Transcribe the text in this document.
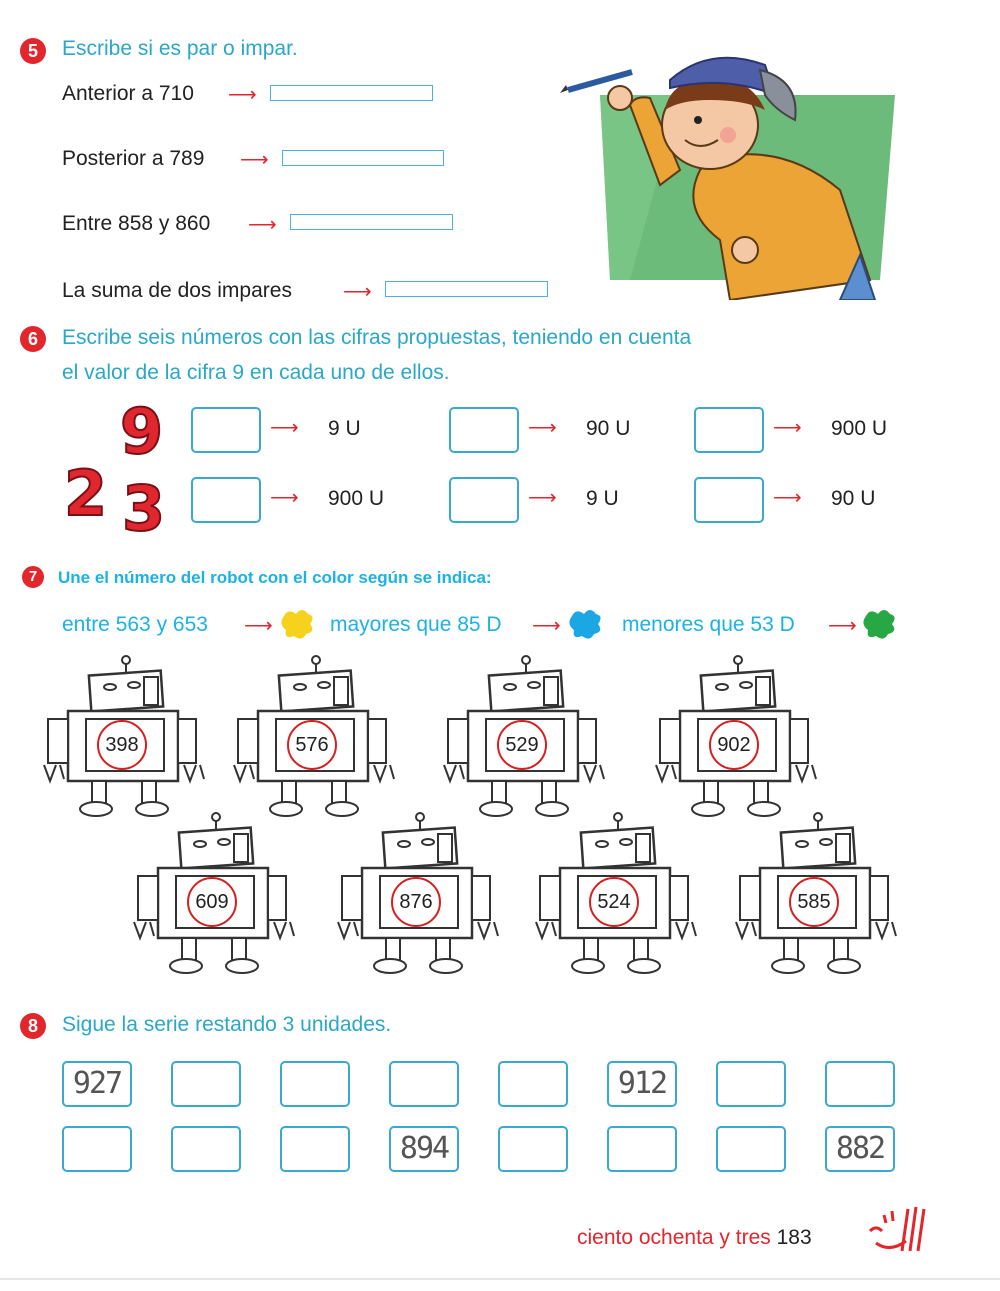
5	Escribe si es par o impar.
Anterior a 710 ⟶
Posterior a 789 ⟶
Entre 858 y 860 ⟶
La suma de dos impares	⟶
6	Escribe seis números con las cifras propuestas, teniendo en cuenta
el valor de la cifra 9 en cada uno de ellos.
9
2 3
⟶ 9 U	⟶ 90 U	⟶ 900 U
⟶ 900 U	⟶ 9 U	⟶ 90 U
7	Une el número del robot con el color según se indica:
entre 563 y 653 ⟶	mayores que 85 D ⟶	menores que 53 D ⟶
398	576	529	902
609	876	524	585
8	Sigue la serie restando 3 unidades.
927	912
894	882
ciento ochenta y tres 183
